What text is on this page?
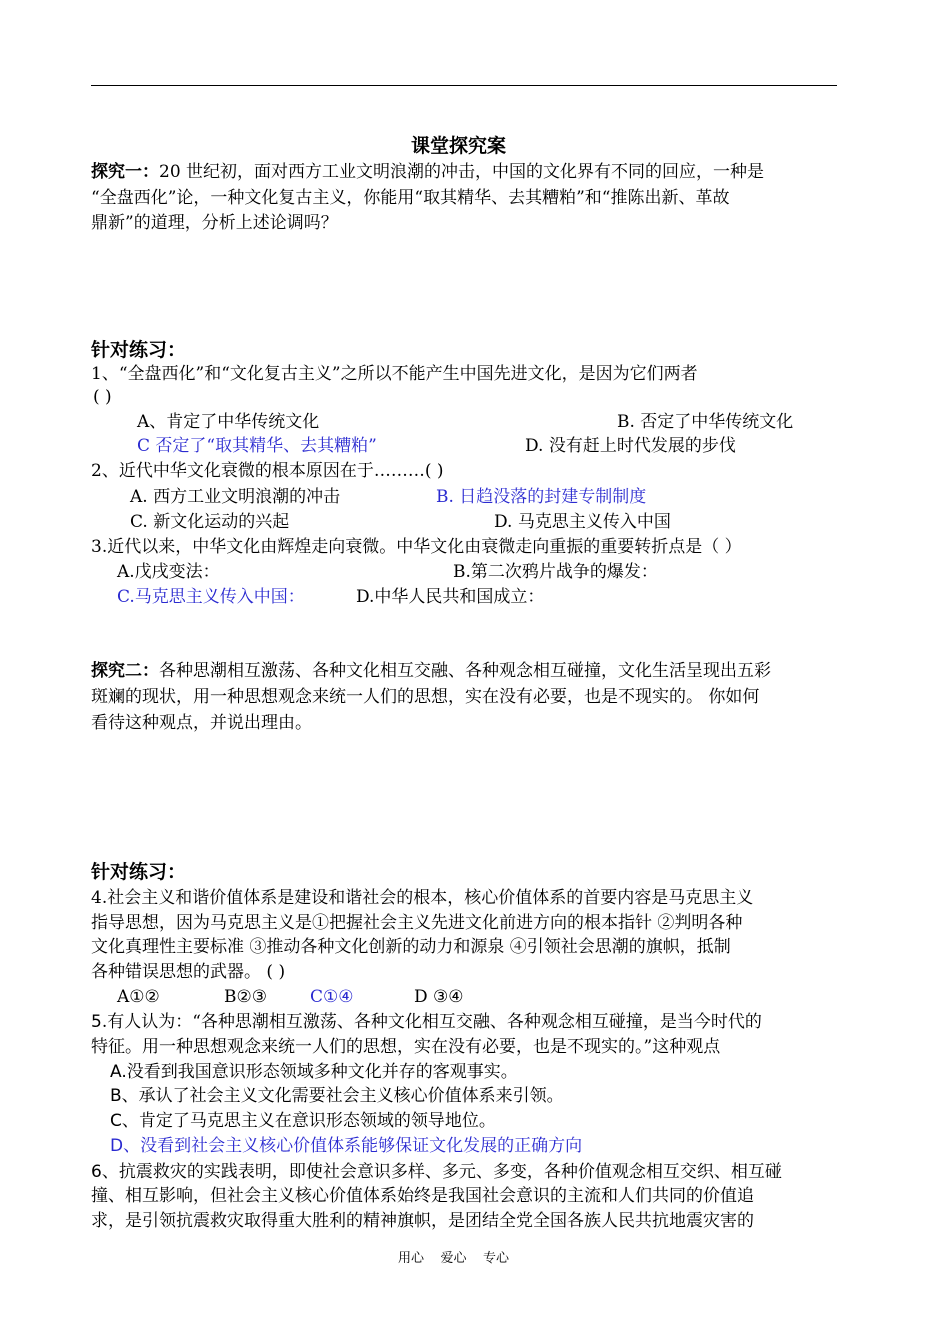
课堂探究案
探究一：20 世纪初，面对西方工业文明浪潮的冲击，中国的文化界有不同的回应，一种是
“全盘西化”论，一种文化复古主义，你能用“取其精华、去其糟粕”和“推陈出新、革故
鼎新”的道理，分析上述论调吗？
针对练习：
1、“全盘西化”和“文化复古主义”之所以不能产生中国先进文化，是因为它们两者
( )
A、肯定了中华传统文化	B. 否定了中华传统文化
C 否定了“取其精华、去其糟粕”	D. 没有赶上时代发展的步伐
2、近代中华文化衰微的根本原因在于………( )
A. 西方工业文明浪潮的冲击	B. 日趋没落的封建专制制度
C. 新文化运动的兴起	D. 马克思主义传入中国
3.近代以来，中华文化由辉煌走向衰微。中华文化由衰微走向重振的重要转折点是（ ）
A.戊戌变法：	B.第二次鸦片战争的爆发：
C.马克思主义传入中国：	D.中华人民共和国成立：
探究二：各种思潮相互激荡、各种文化相互交融、各种观念相互碰撞，文化生活呈现出五彩
斑斓的现状，用一种思想观念来统一人们的思想，实在没有必要，也是不现实的。 你如何
看待这种观点，并说出理由。
针对练习：
4.社会主义和谐价值体系是建设和谐社会的根本，核心价值体系的首要内容是马克思主义
指导思想，因为马克思主义是①把握社会主义先进文化前进方向的根本指针 ②判明各种
文化真理性主要标准 ③推动各种文化创新的动力和源泉 ④引领社会思潮的旗帜，抵制
各种错误思想的武器。 ( )
A①②	B②③	C①④	D ③④
5.有人认为：“各种思潮相互激荡、各种文化相互交融、各种观念相互碰撞，是当今时代的
特征。用一种思想观念来统一人们的思想，实在没有必要，也是不现实的。”这种观点
A.没看到我国意识形态领域多种文化并存的客观事实。
B、承认了社会主义文化需要社会主义核心价值体系来引领。
C、肯定了马克思主义在意识形态领域的领导地位。
D、没看到社会主义核心价值体系能够保证文化发展的正确方向
6、抗震救灾的实践表明，即使社会意识多样、多元、多变，各种价值观念相互交织、相互碰
撞、相互影响，但社会主义核心价值体系始终是我国社会意识的主流和人们共同的价值追
求，是引领抗震救灾取得重大胜利的精神旗帜，是团结全党全国各族人民共抗地震灾害的
用心    爱心    专心
